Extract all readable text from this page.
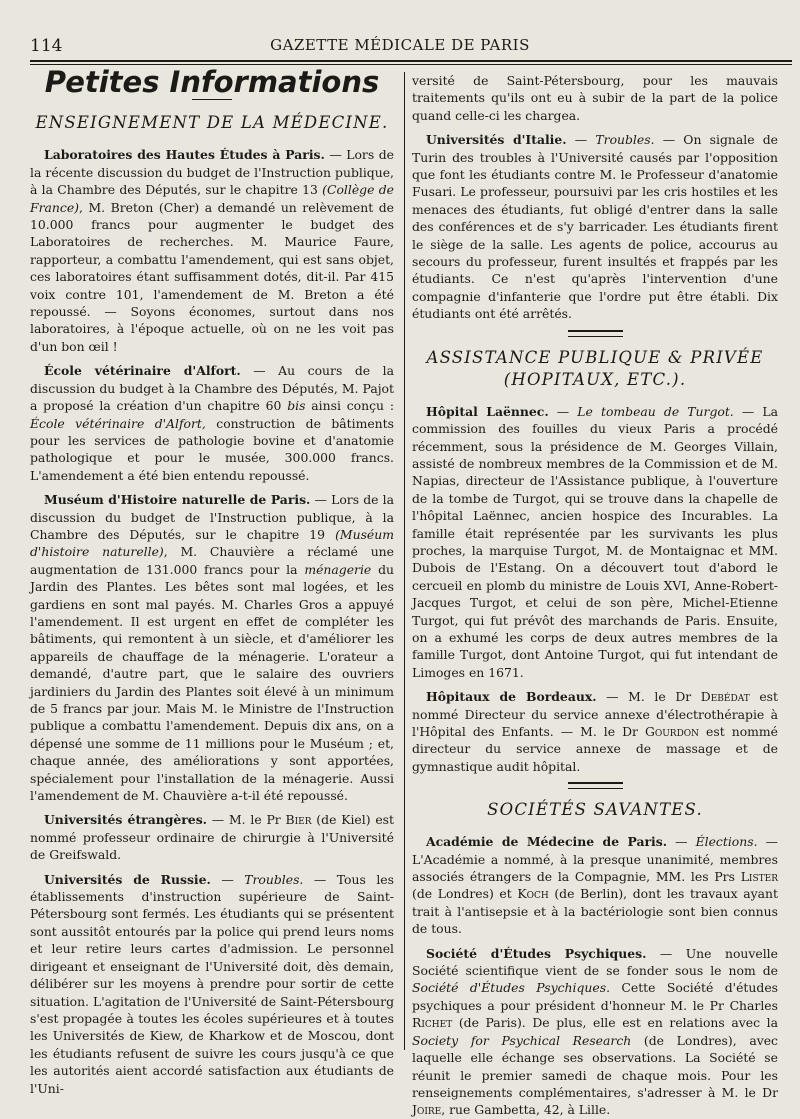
114	GAZETTE MÉDICALE DE PARIS
Petites Informations
ENSEIGNEMENT DE LA MÉDECINE.

Laboratoires des Hautes Études à Paris. — Lors de la récente discussion du budget de l'Instruction publique, à la Chambre des Députés, sur le chapitre 13 (Collège de France), M. Breton (Cher) a demandé un relèvement de 10.000 francs pour augmenter le budget des Laboratoires de recherches. M. Maurice Faure, rapporteur, a combattu l'amendement, qui est sans objet, ces laboratoires étant suffisamment dotés, dit-il. Par 415 voix contre 101, l'amendement de M. Breton a été repoussé. — Soyons économes, surtout dans nos laboratoires, à l'époque actuelle, où on ne les voit pas d'un bon œil !

École vétérinaire d'Alfort. — Au cours de la discussion du budget à la Chambre des Députés, M. Pajot a proposé la création d'un chapitre 60 bis ainsi conçu : École vétérinaire d'Alfort, construction de bâtiments pour les services de pathologie bovine et d'anatomie pathologique et pour le musée, 300.000 francs. L'amendement a été bien entendu repoussé.

Muséum d'Histoire naturelle de Paris. — Lors de la discussion du budget de l'Instruction publique, à la Chambre des Députés, sur le chapitre 19 (Muséum d'histoire naturelle), M. Chauvière a réclamé une augmentation de 131.000 francs pour la ménagerie du Jardin des Plantes. Les bêtes sont mal logées, et les gardiens en sont mal payés. M. Charles Gros a appuyé l'amendement. Il est urgent en effet de compléter les bâtiments, qui remontent à un siècle, et d'améliorer les appareils de chauffage de la ménagerie. L'orateur a demandé, d'autre part, que le salaire des ouvriers jardiniers du Jardin des Plantes soit élevé à un minimum de 5 francs par jour. Mais M. le Ministre de l'Instruction publique a combattu l'amendement. Depuis dix ans, on a dépensé une somme de 11 millions pour le Muséum ; et, chaque année, des améliorations y sont apportées, spécialement pour l'installation de la ménagerie. Aussi l'amendement de M. Chauvière a-t-il été repoussé.

Universités étrangères. — M. le Pr Bier (de Kiel) est nommé professeur ordinaire de chirurgie à l'Université de Greifswald.

Universités de Russie. — Troubles. — Tous les établissements d'instruction supérieure de Saint-Pétersbourg sont fermés. Les étudiants qui se présentent sont aussitôt entourés par la police qui prend leurs noms et leur retire leurs cartes d'admission. Le personnel dirigeant et enseignant de l'Université doit, dès demain, délibérer sur les moyens à prendre pour sortir de cette situation. L'agitation de l'Université de Saint-Pétersbourg s'est propagée à toutes les écoles supérieures et à toutes les Universités de Kiew, de Kharkow et de Moscou, dont les étudiants refusent de suivre les cours jusqu'à ce que les autorités aient accordé satisfaction aux étudiants de l'Uni-

versité de Saint-Pétersbourg, pour les mauvais traitements qu'ils ont eu à subir de la part de la police quand celle-ci les chargea.

Universités d'Italie. — Troubles. — On signale de Turin des troubles à l'Université causés par l'opposition que font les étudiants contre M. le Professeur d'anatomie Fusari. Le professeur, poursuivi par les cris hostiles et les menaces des étudiants, fut obligé d'entrer dans la salle des conférences et de s'y barricader. Les étudiants firent le siège de la salle. Les agents de police, accourus au secours du professeur, furent insultés et frappés par les étudiants. Ce n'est qu'après l'intervention d'une compagnie d'infanterie que l'ordre put être établi. Dix étudiants ont été arrêtés.

ASSISTANCE PUBLIQUE & PRIVÉE
(HOPITAUX, ETC.).

Hôpital Laënnec. — Le tombeau de Turgot. — La commission des fouilles du vieux Paris a procédé récemment, sous la présidence de M. Georges Villain, assisté de nombreux membres de la Commission et de M. Napias, directeur de l'Assistance publique, à l'ouverture de la tombe de Turgot, qui se trouve dans la chapelle de l'hôpital Laënnec, ancien hospice des Incurables. La famille était représentée par les survivants les plus proches, la marquise Turgot, M. de Montaignac et MM. Dubois de l'Estang. On a découvert tout d'abord le cercueil en plomb du ministre de Louis XVI, Anne-Robert-Jacques Turgot, et celui de son père, Michel-Etienne Turgot, qui fut prévôt des marchands de Paris. Ensuite, on a exhumé les corps de deux autres membres de la famille Turgot, dont Antoine Turgot, qui fut intendant de Limoges en 1671.

Hôpitaux de Bordeaux. — M. le Dr Debédat est nommé Directeur du service annexe d'électrothérapie à l'Hôpital des Enfants. — M. le Dr Gourdon est nommé directeur du service annexe de massage et de gymnastique audit hôpital.

SOCIÉTÉS SAVANTES.

Académie de Médecine de Paris. — Élections. — L'Académie a nommé, à la presque unanimité, membres associés étrangers de la Compagnie, MM. les Prs Lister (de Londres) et Koch (de Berlin), dont les travaux ayant trait à l'antisepsie et à la bactériologie sont bien connus de tous.

Société d'Études Psychiques. — Une nouvelle Société scientifique vient de se fonder sous le nom de Société d'Études Psychiques. Cette Société d'études psychiques a pour président d'honneur M. le Pr Charles Richet (de Paris). De plus, elle est en relations avec la Society for Psychical Research (de Londres), avec laquelle elle échange ses observations. La Société se réunit le premier samedi de chaque mois. Pour les renseignements complémentaires, s'adresser à M. le Dr Joire, rue Gambetta, 42, à Lille.
